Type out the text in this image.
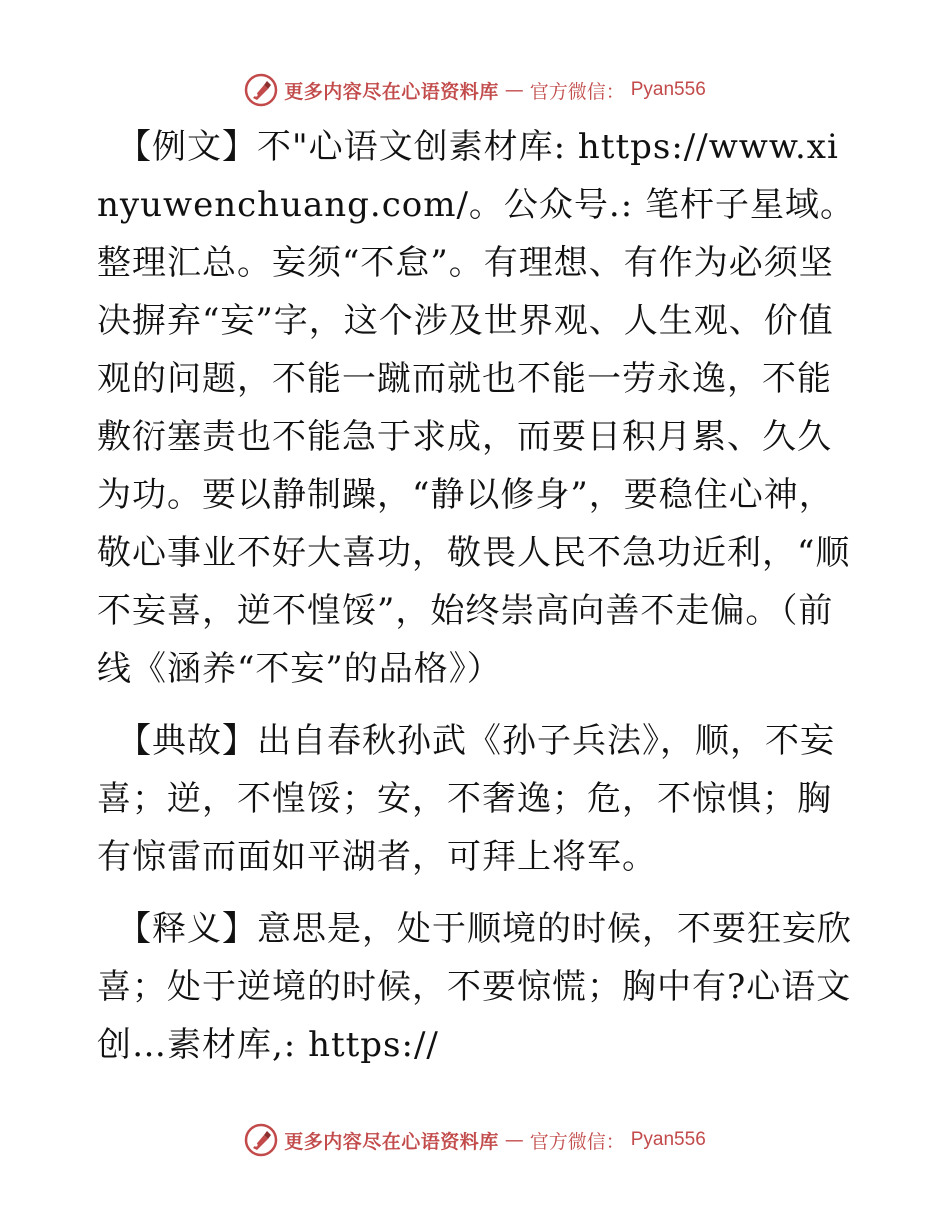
更多内容尽在心语资料库 — 官方微信： Pyan556

【例文】不"心语文创素材库: https://www.xinyuwenchuang.com/。公众号.: 笔杆子星域。整理汇总。妄须“不怠”。有理想、有作为必须坚决摒弃“妄”字，这个涉及世界观、人生观、价值观的问题，不能一蹴而就也不能一劳永逸，不能敷衍塞责也不能急于求成，而要日积月累、久久为功。要以静制躁，“静以修身”，要稳住心神，敬心事业不好大喜功，敬畏人民不急功近利，“顺不妄喜，逆不惶馁”，始终崇高向善不走偏。（前线《涵养“不妄”的品格》）

【典故】出自春秋孙武《孙子兵法》，顺，不妄喜；逆，不惶馁；安，不奢逸；危，不惊惧；胸有惊雷而面如平湖者，可拜上将军。

【释义】意思是，处于顺境的时候，不要狂妄欣喜；处于逆境的时候，不要惊慌；胸中有?心语文创…素材库,: https://

更多内容尽在心语资料库 — 官方微信： Pyan556
